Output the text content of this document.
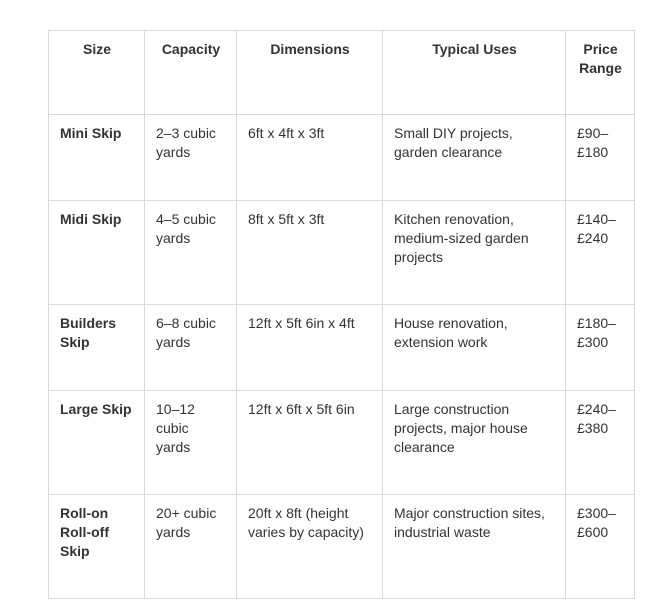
Size	Capacity	Dimensions	Typical Uses	Price Range
Mini Skip	2–3 cubic yards	6ft x 4ft x 3ft	Small DIY projects, garden clearance	£90–£180
Midi Skip	4–5 cubic yards	8ft x 5ft x 3ft	Kitchen renovation, medium-sized garden projects	£140–£240
Builders Skip	6–8 cubic yards	12ft x 5ft 6in x 4ft	House renovation, extension work	£180–£300
Large Skip	10–12 cubic yards	12ft x 6ft x 5ft 6in	Large construction projects, major house clearance	£240–£380
Roll-on Roll-off Skip	20+ cubic yards	20ft x 8ft (height varies by capacity)	Major construction sites, industrial waste	£300–£600
